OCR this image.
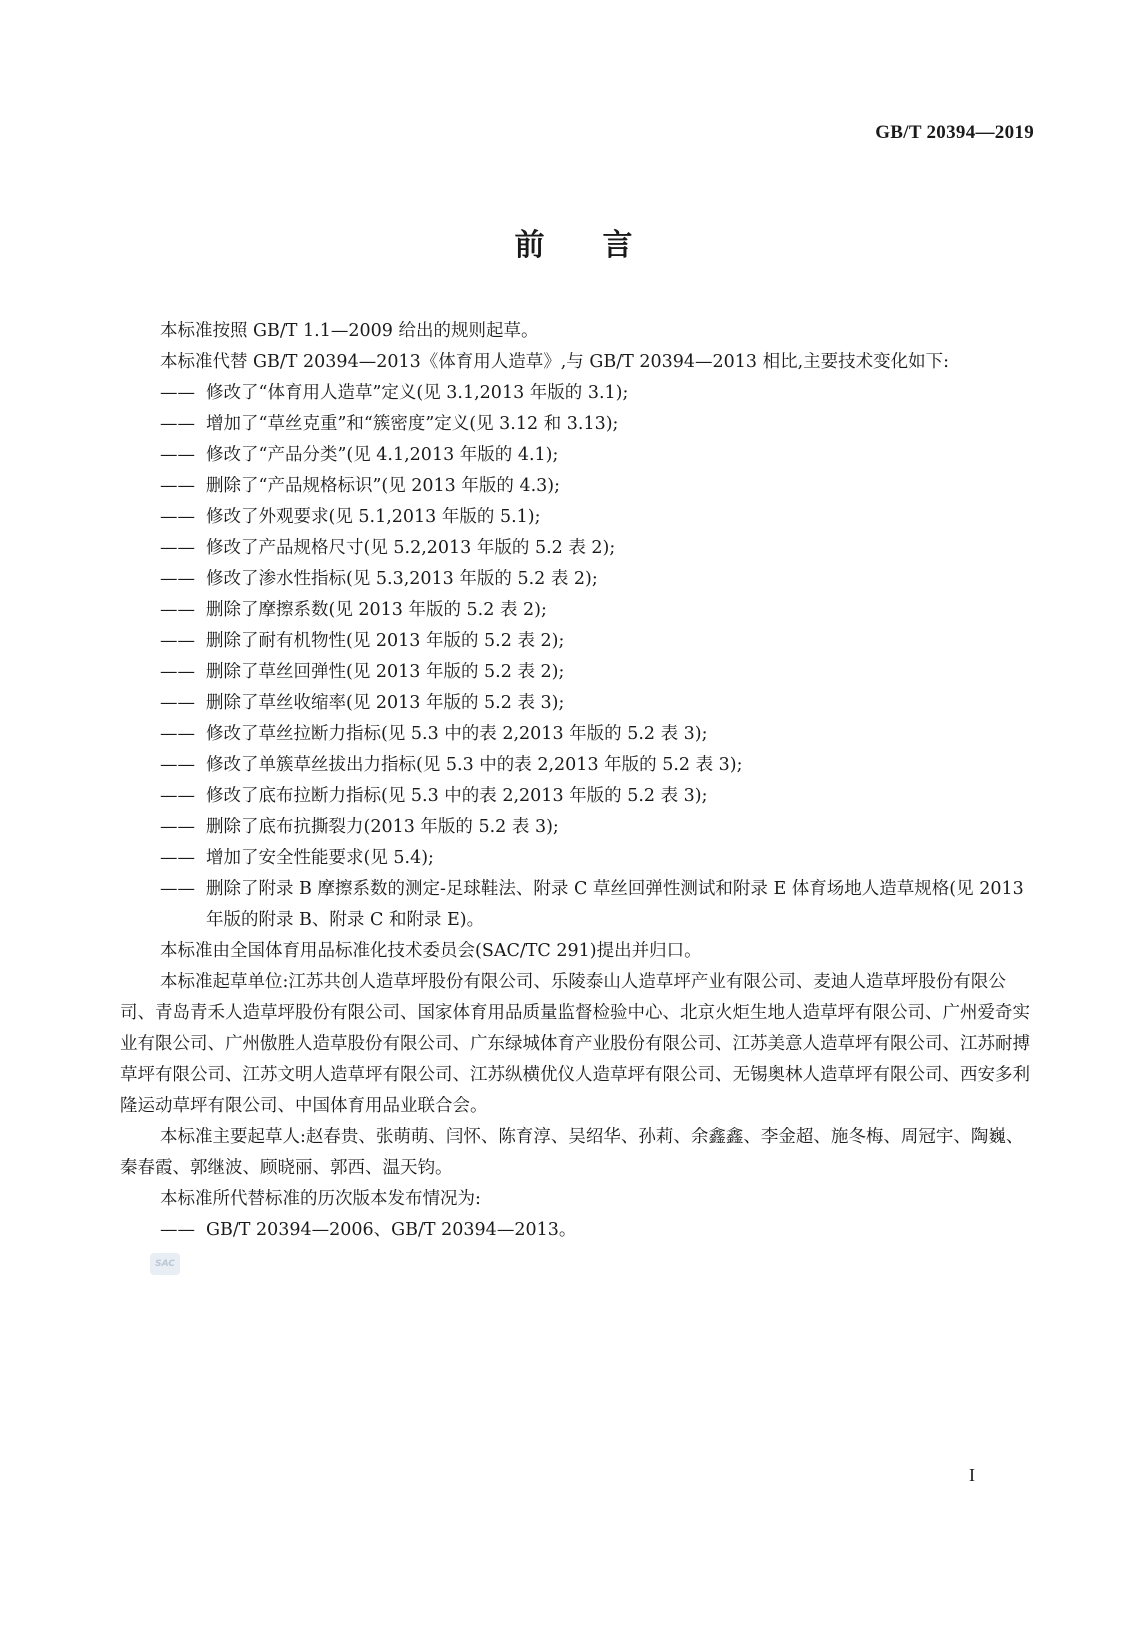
GB/T 20394—2019
前言

本标准按照 GB/T 1.1—2009 给出的规则起草。

本标准代替 GB/T 20394—2013《体育用人造草》,与 GB/T 20394—2013 相比,主要技术变化如下:

—— 修改了“体育用人造草”定义(见 3.1,2013 年版的 3.1);
—— 增加了“草丝克重”和“簇密度”定义(见 3.12 和 3.13);
—— 修改了“产品分类”(见 4.1,2013 年版的 4.1);
—— 删除了“产品规格标识”(见 2013 年版的 4.3);
—— 修改了外观要求(见 5.1,2013 年版的 5.1);
—— 修改了产品规格尺寸(见 5.2,2013 年版的 5.2 表 2);
—— 修改了渗水性指标(见 5.3,2013 年版的 5.2 表 2);
—— 删除了摩擦系数(见 2013 年版的 5.2 表 2);
—— 删除了耐有机物性(见 2013 年版的 5.2 表 2);
—— 删除了草丝回弹性(见 2013 年版的 5.2 表 2);
—— 删除了草丝收缩率(见 2013 年版的 5.2 表 3);
—— 修改了草丝拉断力指标(见 5.3 中的表 2,2013 年版的 5.2 表 3);
—— 修改了单簇草丝拔出力指标(见 5.3 中的表 2,2013 年版的 5.2 表 3);
—— 修改了底布拉断力指标(见 5.3 中的表 2,2013 年版的 5.2 表 3);
—— 删除了底布抗撕裂力(2013 年版的 5.2 表 3);
—— 增加了安全性能要求(见 5.4);
—— 删除了附录 B 摩擦系数的测定-足球鞋法、附录 C 草丝回弹性测试和附录 E 体育场地人造草规格(见 2013 年版的附录 B、附录 C 和附录 E)。

本标准由全国体育用品标准化技术委员会(SAC/TC 291)提出并归口。

本标准起草单位:江苏共创人造草坪股份有限公司、乐陵泰山人造草坪产业有限公司、麦迪人造草坪股份有限公司、青岛青禾人造草坪股份有限公司、国家体育用品质量监督检验中心、北京火炬生地人造草坪有限公司、广州爱奇实业有限公司、广州傲胜人造草股份有限公司、广东绿城体育产业股份有限公司、江苏美意人造草坪有限公司、江苏耐搏草坪有限公司、江苏文明人造草坪有限公司、江苏纵横优仪人造草坪有限公司、无锡奥林人造草坪有限公司、西安多利隆运动草坪有限公司、中国体育用品业联合会。

本标准主要起草人:赵春贵、张萌萌、闫怀、陈育淳、吴绍华、孙莉、余鑫鑫、李金超、施冬梅、周冠宇、陶巍、秦春霞、郭继波、顾晓丽、郭西、温天钧。

本标准所代替标准的历次版本发布情况为:

—— GB/T 20394—2006、GB/T 20394—2013。
SAC
I
